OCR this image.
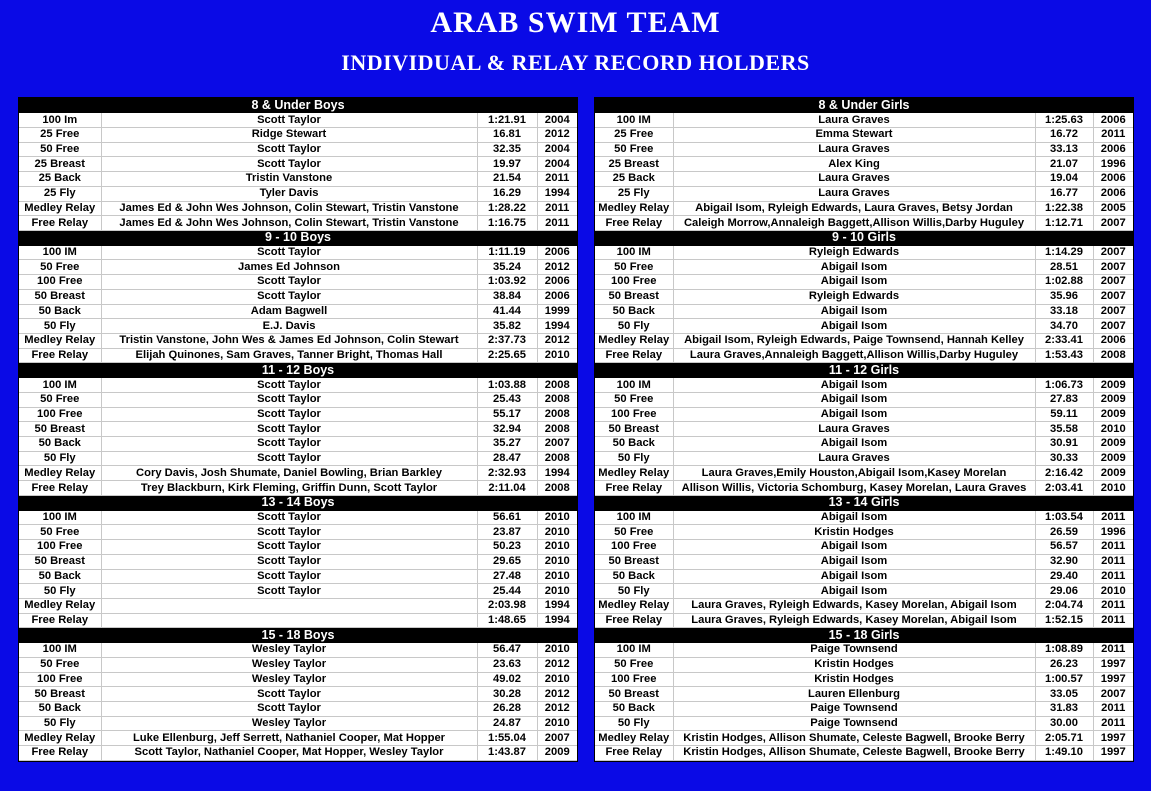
ARAB SWIM TEAM
INDIVIDUAL & RELAY RECORD HOLDERS
8 & Under Boys			
100 Im	Scott Taylor	1:21.91	2004
25 Free	Ridge Stewart	16.81	2012
50 Free	Scott Taylor	32.35	2004
25 Breast	Scott Taylor	19.97	2004
25 Back	Tristin Vanstone	21.54	2011
25 Fly	Tyler Davis	16.29	1994
Medley Relay	James Ed & John Wes Johnson, Colin Stewart, Tristin Vanstone	1:28.22	2011
Free Relay	James Ed & John Wes Johnson, Colin Stewart, Tristin Vanstone	1:16.75	2011
9 - 10 Boys			
100 IM	Scott Taylor	1:11.19	2006
50 Free	James Ed Johnson	35.24	2012
100 Free	Scott Taylor	1:03.92	2006
50 Breast	Scott Taylor	38.84	2006
50 Back	Adam Bagwell	41.44	1999
50 Fly	E.J. Davis	35.82	1994
Medley Relay	Tristin Vanstone, John Wes & James Ed Johnson, Colin Stewart	2:37.73	2012
Free Relay	Elijah Quinones, Sam Graves, Tanner Bright, Thomas Hall	2:25.65	2010
11 - 12 Boys			
100 IM	Scott Taylor	1:03.88	2008
50 Free	Scott Taylor	25.43	2008
100 Free	Scott Taylor	55.17	2008
50 Breast	Scott Taylor	32.94	2008
50 Back	Scott Taylor	35.27	2007
50 Fly	Scott Taylor	28.47	2008
Medley Relay	Cory Davis, Josh Shumate, Daniel Bowling, Brian Barkley	2:32.93	1994
Free Relay	Trey Blackburn, Kirk Fleming, Griffin Dunn, Scott Taylor	2:11.04	2008
13 - 14 Boys			
100 IM	Scott Taylor	56.61	2010
50 Free	Scott Taylor	23.87	2010
100 Free	Scott Taylor	50.23	2010
50 Breast	Scott Taylor	29.65	2010
50 Back	Scott Taylor	27.48	2010
50 Fly	Scott Taylor	25.44	2010
Medley Relay		2:03.98	1994
Free Relay		1:48.65	1994
15 - 18 Boys			
100 IM	Wesley Taylor	56.47	2010
50 Free	Wesley Taylor	23.63	2012
100 Free	Wesley Taylor	49.02	2010
50 Breast	Scott Taylor	30.28	2012
50 Back	Scott Taylor	26.28	2012
50 Fly	Wesley Taylor	24.87	2010
Medley Relay	Luke Ellenburg, Jeff Serrett, Nathaniel Cooper, Mat Hopper	1:55.04	2007
Free Relay	Scott Taylor, Nathaniel Cooper, Mat Hopper, Wesley Taylor	1:43.87	2009
8 & Under Girls			
100 IM	Laura Graves	1:25.63	2006
25 Free	Emma Stewart	16.72	2011
50 Free	Laura Graves	33.13	2006
25 Breast	Alex King	21.07	1996
25 Back	Laura Graves	19.04	2006
25 Fly	Laura Graves	16.77	2006
Medley Relay	Abigail Isom, Ryleigh Edwards, Laura Graves, Betsy Jordan	1:22.38	2005
Free Relay	Caleigh Morrow,Annaleigh Baggett,Allison Willis,Darby Huguley	1:12.71	2007
9 - 10 Girls			
100 IM	Ryleigh Edwards	1:14.29	2007
50 Free	Abigail Isom	28.51	2007
100 Free	Abigail Isom	1:02.88	2007
50 Breast	Ryleigh Edwards	35.96	2007
50 Back	Abigail Isom	33.18	2007
50 Fly	Abigail Isom	34.70	2007
Medley Relay	Abigail Isom, Ryleigh Edwards, Paige Townsend, Hannah Kelley	2:33.41	2006
Free Relay	Laura Graves,Annaleigh Baggett,Allison Willis,Darby Huguley	1:53.43	2008
11 - 12 Girls			
100 IM	Abigail Isom	1:06.73	2009
50 Free	Abigail Isom	27.83	2009
100 Free	Abigail Isom	59.11	2009
50 Breast	Laura Graves	35.58	2010
50 Back	Abigail Isom	30.91	2009
50 Fly	Laura Graves	30.33	2009
Medley Relay	Laura Graves,Emily Houston,Abigail Isom,Kasey Morelan	2:16.42	2009
Free Relay	Allison Willis, Victoria Schomburg, Kasey Morelan, Laura Graves	2:03.41	2010
13 - 14 Girls			
100 IM	Abigail Isom	1:03.54	2011
50 Free	Kristin Hodges	26.59	1996
100 Free	Abigail Isom	56.57	2011
50 Breast	Abigail Isom	32.90	2011
50 Back	Abigail Isom	29.40	2011
50 Fly	Abigail Isom	29.06	2010
Medley Relay	Laura Graves, Ryleigh Edwards, Kasey Morelan, Abigail Isom	2:04.74	2011
Free Relay	Laura Graves, Ryleigh Edwards, Kasey Morelan, Abigail Isom	1:52.15	2011
15 - 18 Girls			
100 IM	Paige Townsend	1:08.89	2011
50 Free	Kristin Hodges	26.23	1997
100 Free	Kristin Hodges	1:00.57	1997
50 Breast	Lauren Ellenburg	33.05	2007
50 Back	Paige Townsend	31.83	2011
50 Fly	Paige Townsend	30.00	2011
Medley Relay	Kristin Hodges, Allison Shumate, Celeste Bagwell, Brooke Berry	2:05.71	1997
Free Relay	Kristin Hodges, Allison Shumate, Celeste Bagwell, Brooke Berry	1:49.10	1997
